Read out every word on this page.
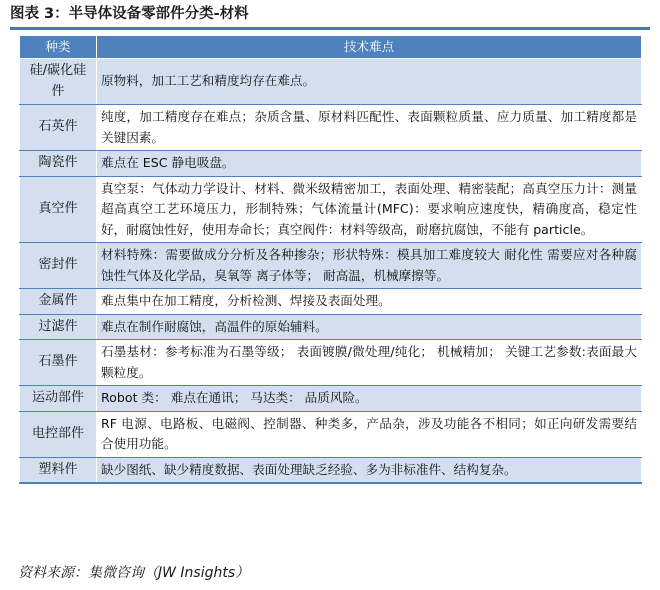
图表 3：半导体设备零部件分类-材料
种类	技术难点
硅/碳化硅件	原物料，加工工艺和精度均存在难点。
石英件	纯度，加工精度存在难点；杂质含量、原材料匹配性、表面颗粒质量、应力质量、加工精度都是关键因素。
陶瓷件	难点在 ESC 静电吸盘。
真空件	真空泵：气体动力学设计、材料、微米级精密加工，表面处理、精密装配；高真空压力计：测量超高真空工艺环境压力，形制特殊；气体流量计(MFC)：要求响应速度快，精确度高，稳定性好，耐腐蚀性好，使用寿命长；真空阀件：材料等级高，耐磨抗腐蚀，不能有 particle。
密封件	材料特殊：需要做成分分析及各种掺杂；形状特殊：模具加工难度较大 耐化性 需要应对各种腐蚀性气体及化学品，臭氧等 离子体等； 耐高温，机械摩擦等。
金属件	难点集中在加工精度，分析检测、焊接及表面处理。
过滤件	难点在制作耐腐蚀，高温件的原始辅料。
石墨件	石墨基材：参考标准为石墨等级； 表面镀膜/微处理/纯化； 机械精加； 关键工艺参数:表面最大颗粒度。
运动部件	Robot 类： 难点在通讯； 马达类： 品质风险。
电控部件	RF 电源、电路板、电磁阀、控制器、种类多，产品杂，涉及功能各不相同；如正向研发需要结合使用功能。
塑料件	缺少图纸、缺少精度数据、表面处理缺乏经验、多为非标准件、结构复杂。
资料来源：集微咨询（JW Insights）
